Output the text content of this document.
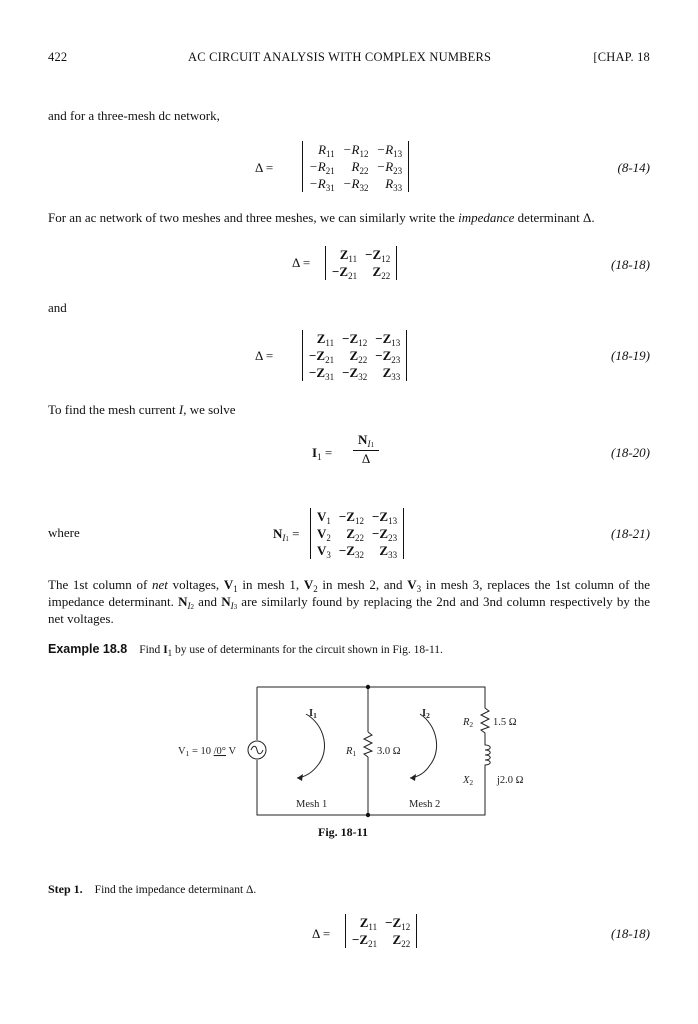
422	AC CIRCUIT ANALYSIS WITH COMPLEX NUMBERS	[CHAP. 18
and for a three-mesh dc network,
Δ =
$R_{11}$	$-R_{12}$	$-R_{13}$
$-R_{21}$	$R_{22}$	$-R_{23}$
$-R_{31}$	$-R_{32}$	$R_{33}$
(8-14)
For an ac network of two meshes and three meshes, we can similarly write the impedance determinant Δ.
Δ =
$Z_{11}$	$-Z_{12}$
$-Z_{21}$	$Z_{22}$
(18-18)
and
Δ =
$Z_{11}$	$-Z_{12}$	$-Z_{13}$
$-Z_{21}$	$Z_{22}$	$-Z_{23}$
$-Z_{31}$	$-Z_{32}$	$Z_{33}$
(18-19)
To find the mesh current I, we solve
$I_1$ =
$N_{I1}$
Δ	(18-20)
where	$N_{I1}$ =
$V_1$	$-Z_{12}$	$-Z_{13}$
$V_2$	$Z_{22}$	$-Z_{23}$
$V_3$	$-Z_{32}$	$Z_{33}$
(18-21)
The 1st column of net voltages, $V_1$ in mesh 1, $V_2$ in mesh 2, and $V_3$ in mesh 3, replaces the 1st column of the impedance determinant. $N_{I2}$ and $N_{I3}$ are similarly found by replacing the 2nd and 3nd column respectively by the net voltages.
Example 18.8 Find $I_1$ by use of determinants for the circuit shown in Fig. 18-11.
V1 = 10 /0° V
I1	I2
R1 3.0 Ω
R2 1.5 Ω
X2 j2.0 Ω
Mesh 1	Mesh 2
Fig. 18-11
Step 1. Find the impedance determinant Δ.
Δ =
$Z_{11}$	$-Z_{12}$
$-Z_{21}$	$Z_{22}$
(18-18)
